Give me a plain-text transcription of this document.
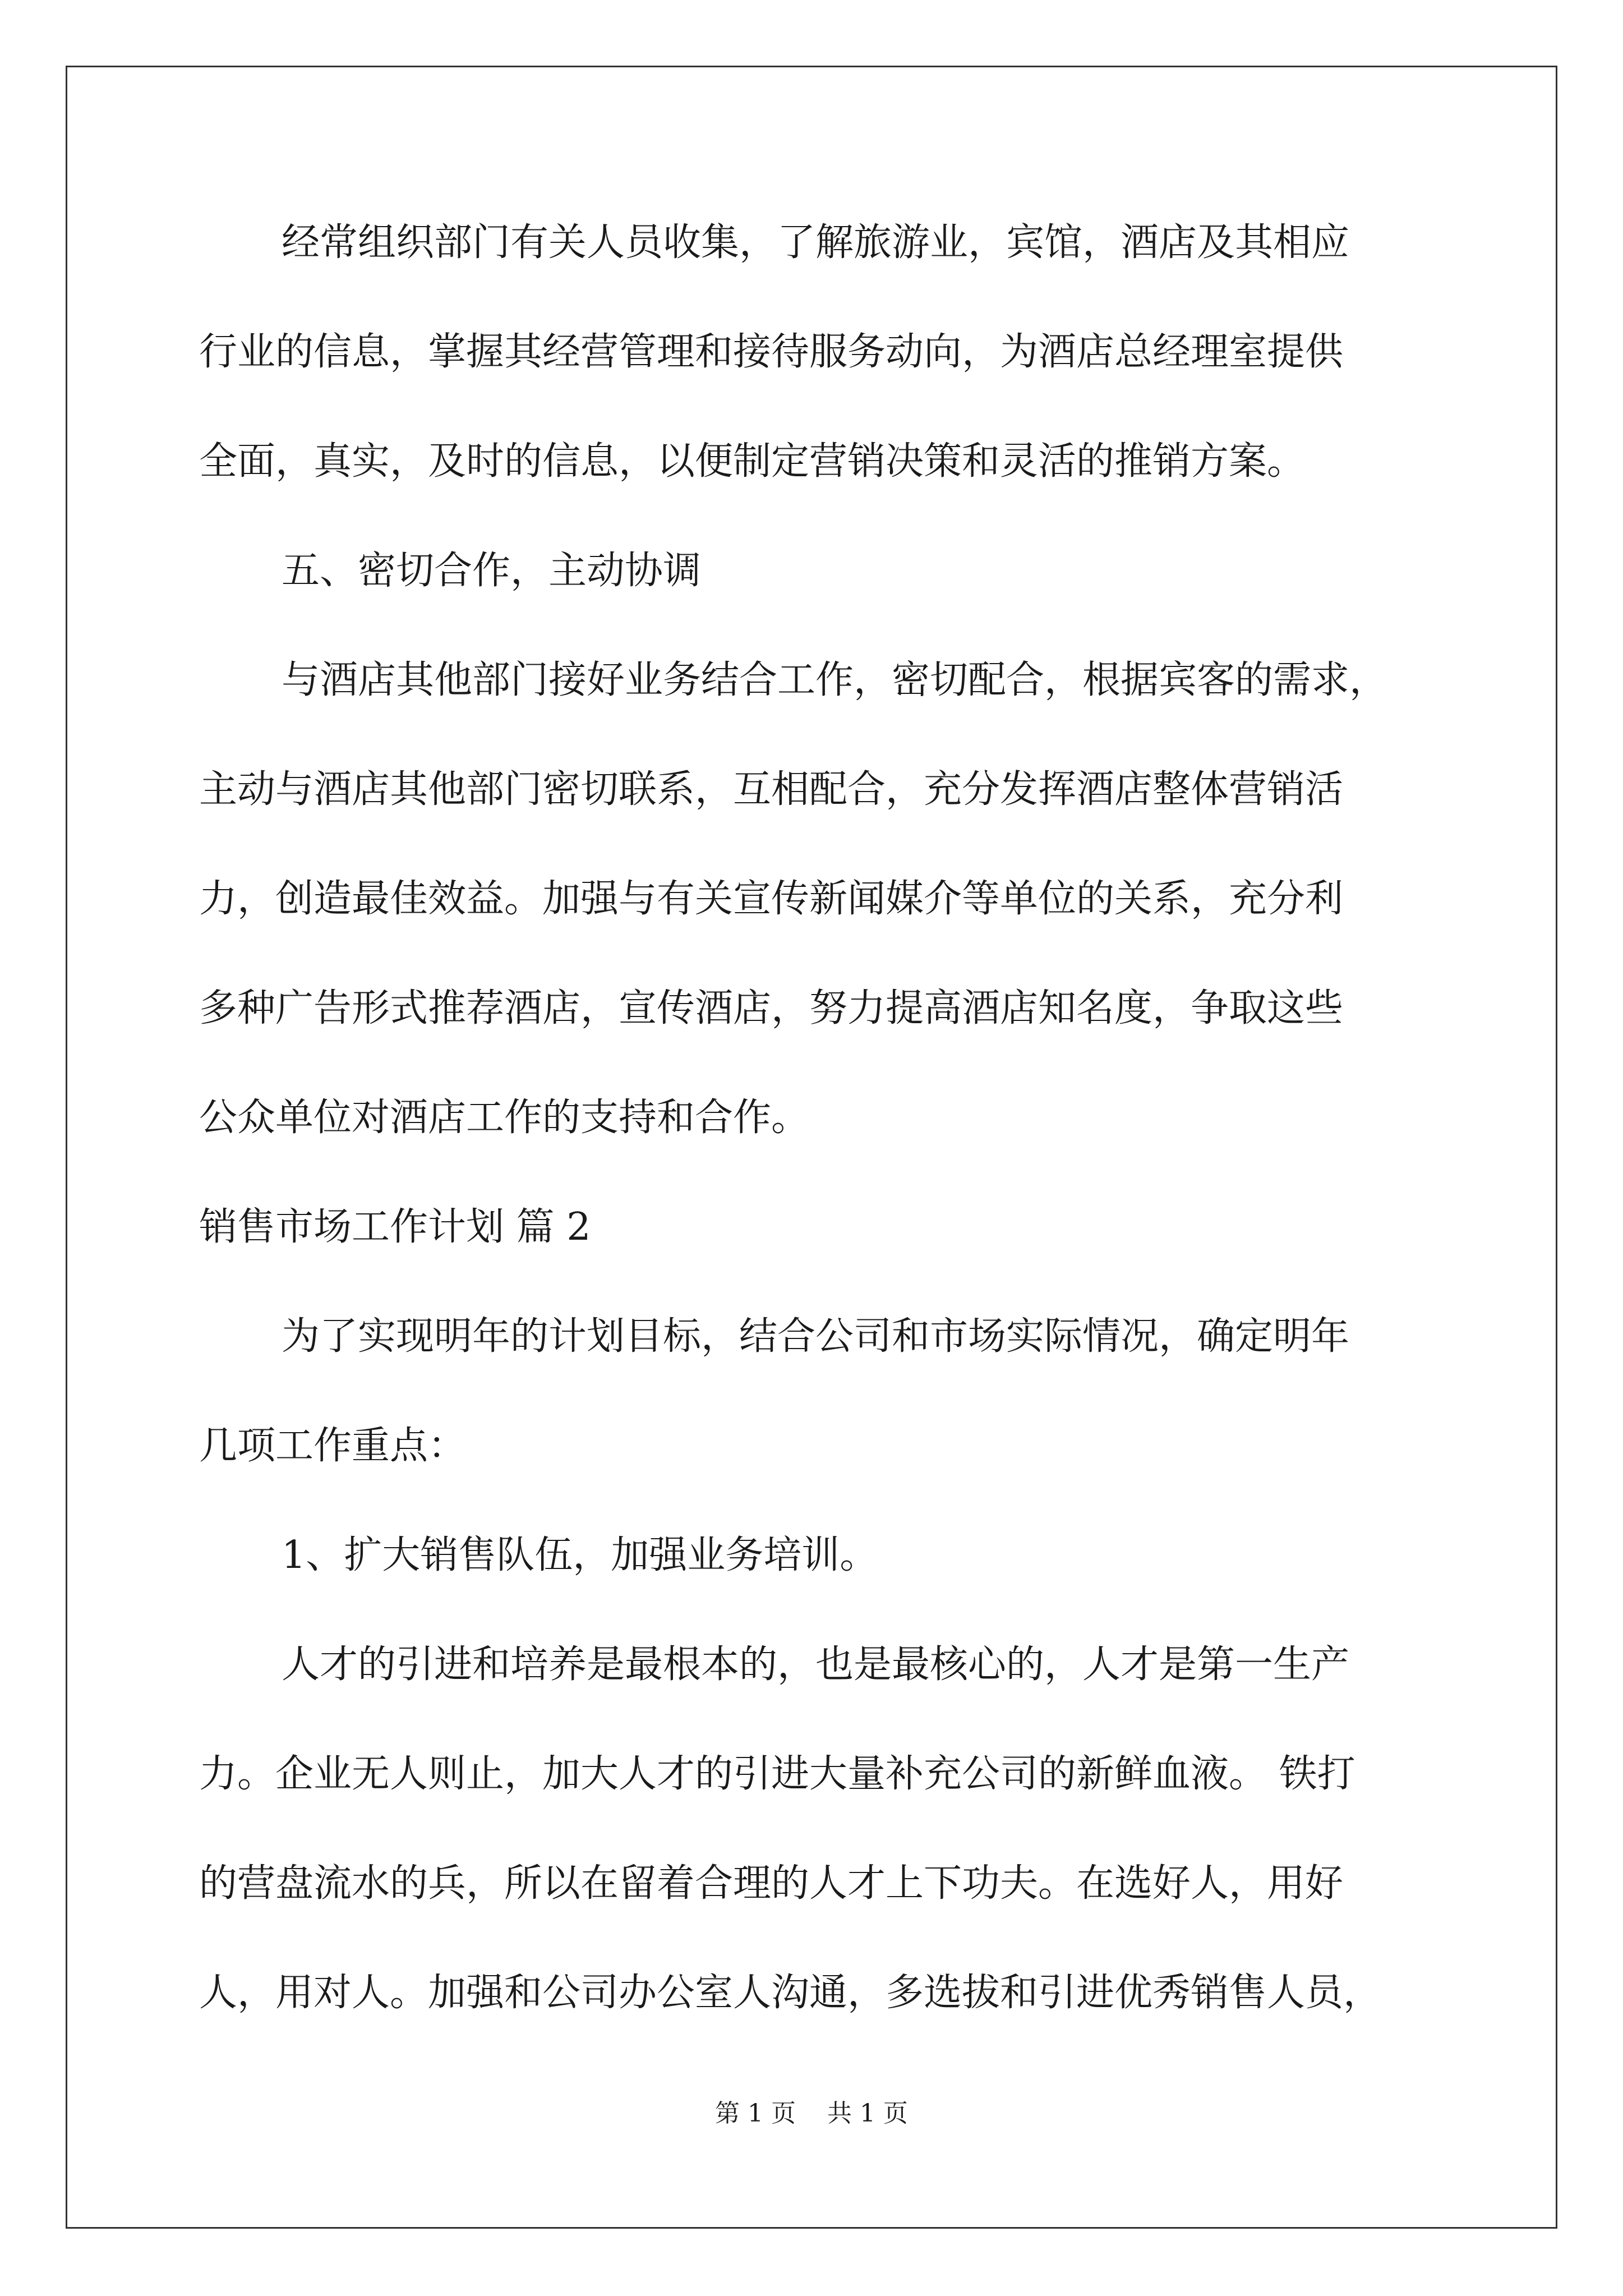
经常组织部门有关人员收集，了解旅游业，宾馆，酒店及其相应
行业的信息，掌握其经营管理和接待服务动向，为酒店总经理室提供
全面，真实，及时的信息，以便制定营销决策和灵活的推销方案。
五、密切合作，主动协调
与酒店其他部门接好业务结合工作，密切配合，根据宾客的需求，
主动与酒店其他部门密切联系，互相配合，充分发挥酒店整体营销活
力，创造最佳效益。加强与有关宣传新闻媒介等单位的关系，充分利
多种广告形式推荐酒店，宣传酒店，努力提高酒店知名度，争取这些
公众单位对酒店工作的支持和合作。
销售市场工作计划 篇 2
为了实现明年的计划目标，结合公司和市场实际情况，确定明年
几项工作重点：
1、扩大销售队伍，加强业务培训。
人才的引进和培养是最根本的，也是最核心的，人才是第一生产
力。企业无人则止，加大人才的引进大量补充公司的新鲜血液。 铁打
的营盘流水的兵，所以在留着合理的人才上下功夫。在选好人，用好
人，用对人。加强和公司办公室人沟通，多选拔和引进优秀销售人员，
第 1 页    共 1 页
